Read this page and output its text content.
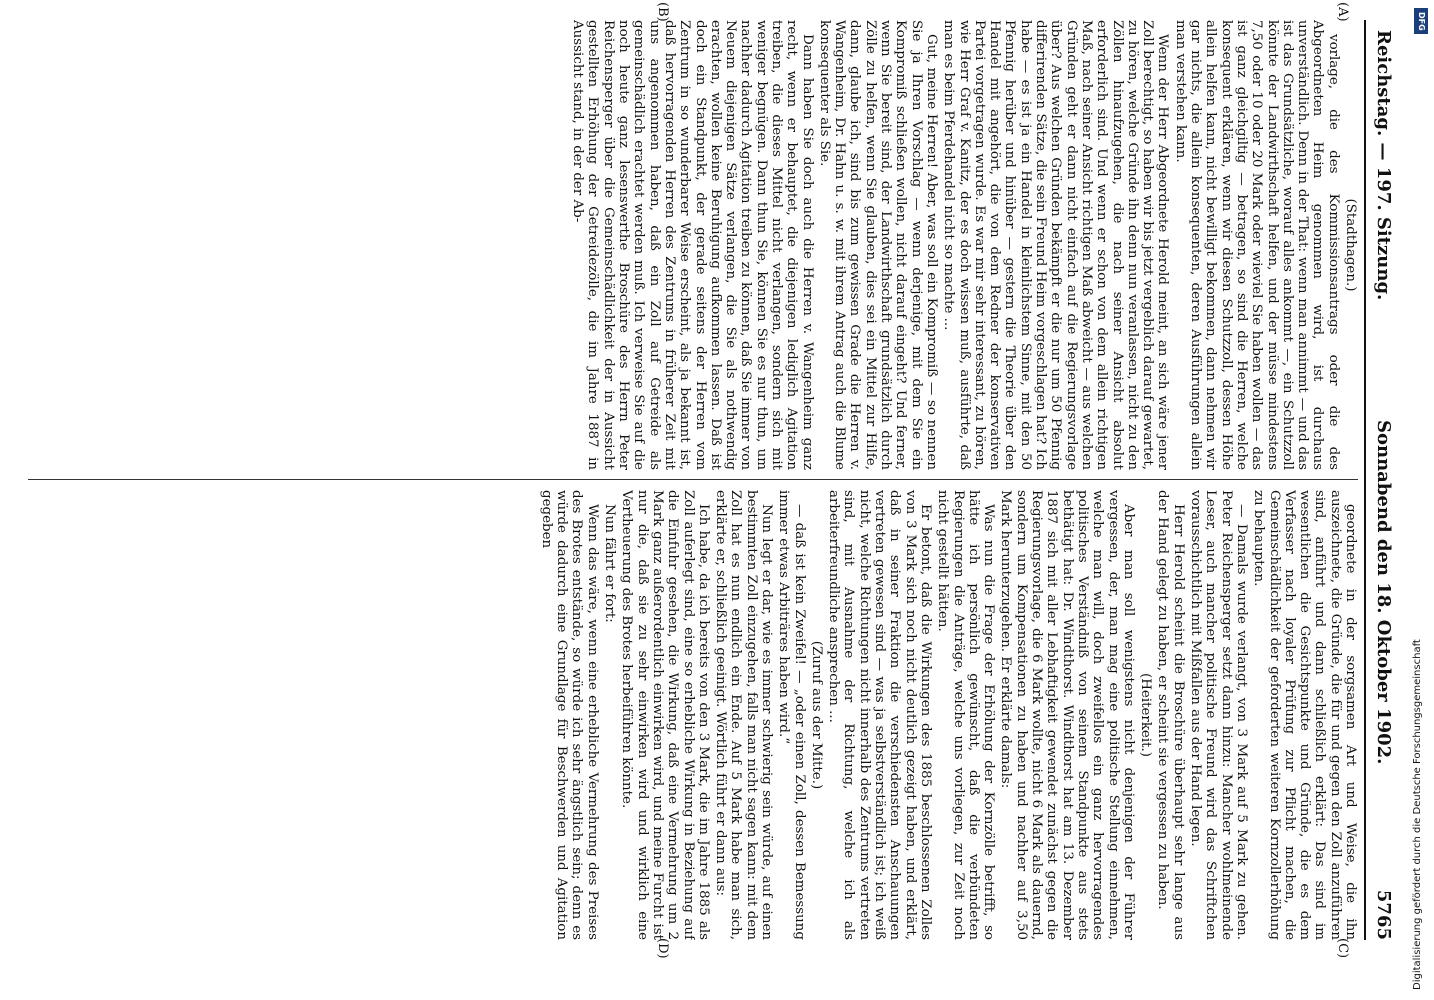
Reichstag. — 197. Sitzung.
Sonnabend den 18. Oktober 1902.
5765

(Stadthagen.)

vorlage, die des Kommissionsantrags oder die des Abgeordneten Heim genommen wird, ist durchaus unverständlich. Denn in der That: wenn man annimmt — und das ist das Grundsätzliche, worauf alles ankommt —, ein Schutzzoll könnte der Landwirthschaft helfen, und der müsse mindestens 7,50 oder 10 oder 20 Mark oder wieviel Sie haben wollen — das ist ganz gleichgiltig — betragen, so sind die Herren, welche konsequent erklären, wenn wir diesen Schutzzoll, dessen Höhe allein helfen kann, nicht bewilligt bekommen, dann nehmen wir gar nichts, die allein konsequenten, deren Ausführungen allein man verstehen kann.

Wenn der Herr Abgeordnete Herold meint, an sich wäre jener Zoll berechtigt, so haben wir bis jetzt vergeblich darauf gewartet, zu hören, welche Gründe ihn denn nun veranlassen, nicht zu den Zöllen hinaufzugehen, die nach seiner Ansicht absolut erforderlich sind. Und wenn er schon von dem allein richtigen Maß, nach seiner Ansicht richtigen Maß abweicht — aus welchen Gründen geht er dann nicht einfach auf die Regierungsvorlage über? Aus welchen Gründen bekämpft er die nur um 50 Pfennig differirenden Sätze, die sein Freund Heim vorgeschlagen hat? Ich habe — es ist ja ein Handel in kleinlichstem Sinne, mit den 50 Pfennig herüber und hinüber — gestern die Theorie über den Handel mit angehört, die von dem Redner der konservativen Partei vorgetragen wurde. Es war mir sehr interessant, zu hören, wie Herr Graf v. Kanitz, der es doch wissen muß, ausführte, daß man es beim Pferdehandel nicht so machte ...

Gut, meine Herren! Aber, was soll ein Kompromiß — so nennen Sie ja Ihren Vorschlag — wenn derjenige, mit dem Sie ein Kompromiß schließen wollen, nicht darauf eingeht? Und ferner, wenn Sie bereit sind, der Landwirthschaft grundsätzlich durch Zölle zu helfen, wenn Sie glauben, dies sei ein Mittel zur Hilfe, dann, glaube ich, sind bis zum gewissen Grade die Herren v. Wangenheim, Dr. Hahn u. s. w. mit ihrem Antrag auch die Blume konsequenter als Sie.

Dann haben Sie doch auch die Herren v. Wangenheim ganz recht, wenn er behauptet, die diejenigen lediglich Agitation treiben, die dieses Mittel nicht verlangen, sondern sich mit weniger begnügen. Dann thun Sie, können Sie es nur thun, um nachher dadurch Agitation treiben zu können, daß Sie immer von Neuem diejenigen Sätze verlangen, die Sie als nothwendig erachten, wollen keine Beruhigung aufkommen lassen. Daß ist doch ein Standpunkt, der gerade seitens der Herren vom Zentrum in so wunderbarer Weise erscheint, als ja bekannt ist, daß hervorragenden Herren des Zentrums in früherer Zeit mit uns angenommen haben, daß ein Zoll auf Getreide als gemeinschädlich erachtet werden muß. Ich verweise Sie auf die noch heute ganz lesenswerthe Broschüre des Herrn Peter Reichensperger über die Gemeinschädlichkeit der in Aussicht gestellten Erhöhung der Getreidezölle, die im Jahre 1887 in Aussicht stand, in der der Ab-

geordnete in der sorgsamen Art und Weise, die ihn auszeichnete, die Gründe, die für und gegen den Zoll anzuführen sind, anführt und dann schließlich erklärt: Das sind im wesentlichen die Gesichtspunkte und Gründe, die es dem Verfasser nach loyaler Prüfung zur Pflicht machen, die Gemeinschädlichkeit der geforderten weiteren Kornzollerhöhung zu behaupten.

— Damals wurde verlangt, von 3 Mark auf 5 Mark zu gehen. Peter Reichensperger setzt dann hinzu: Mancher wohlmeinende Leser, auch mancher politische Freund wird das Schriftchen vorausschichtlich mit Mißfallen aus der Hand legen.

Herr Herold scheint die Broschüre überhaupt sehr lange aus der Hand gelegt zu haben, er scheint sie vergessen zu haben.

(Heiterkeit.)

Aber man soll wenigstens nicht denjenigen der Führer vergessen, der, man mag eine politische Stellung einnehmen, welche man will, doch zweifellos ein ganz hervorragendes politisches Verständniß von seinem Standpunkte aus stets bethätigt hat: Dr. Windthorst. Windthorst hat am 13. Dezember 1887 sich mit aller Lebhaftigkeit gewendet zunächst gegen die Regierungsvorlage, die 6 Mark wollte, nicht 6 Mark als dauernd, sondern um Kompensationen zu haben und nachher auf 3,50 Mark herunterzugehen. Er erklärte damals:

Was nun die Frage der Erhöhung der Kornzölle betrifft, so hätte ich persönlich gewünscht, daß die verbündeten Regierungen die Anträge, welche uns vorliegen, zur Zeit noch nicht gestellt hätten.

Er betont, daß die Wirkungen des 1885 beschlossenen Zolles von 3 Mark sich noch nicht deutlich gezeigt haben, und erklärt, daß in seiner Fraktion die verschiedensten Anschauungen vertreten gewesen sind — was ja selbstverständlich ist; ich weiß nicht, welche Richtungen nicht innerhalb des Zentrums vertreten sind, mit Ausnahme der Richtung, welche ich als arbeiterfreundliche ansprechen ...

(Zuruf aus der Mitte.)

— daß ist kein Zweifel! — „oder einen Zoll, dessen Bemessung immer etwas Arbiträres haben wird.“

Nun legt er dar, wie es immer schwierig sein würde, auf einen bestimmten Zoll einzugehen, falls man nicht sagen kann: mit dem Zoll hat es nun endlich ein Ende. Auf 5 Mark habe man sich, erklärte er, schließlich geeinigt. Wörtlich führt er dann aus:

Ich habe, da ich bereits von den 3 Mark, die im Jahre 1885 als Zoll auferlegt sind, eine so erhebliche Wirkung in Beziehung auf die Einfuhr gesehen, die Wirkung, daß eine Vermehrung um 2 Mark ganz außerordentlich einwirken wird, und meine Furcht ist nur die, daß sie zu sehr einwirken wird und wirklich eine Vertheuerung des Brotes herbeiführen könnte.

Nun fährt er fort:

Wenn das wäre, wenn eine erhebliche Vermehrung des Preises des Brotes entstände, so würde ich sehr ängstlich sein; denn es würde dadurch eine Grundlage für Beschwerden und Agitation gegeben

(A)
(B)
(C)
(D)
DFG
Digitalisierung gefördert durch die Deutsche Forschungsgemeinschaft
